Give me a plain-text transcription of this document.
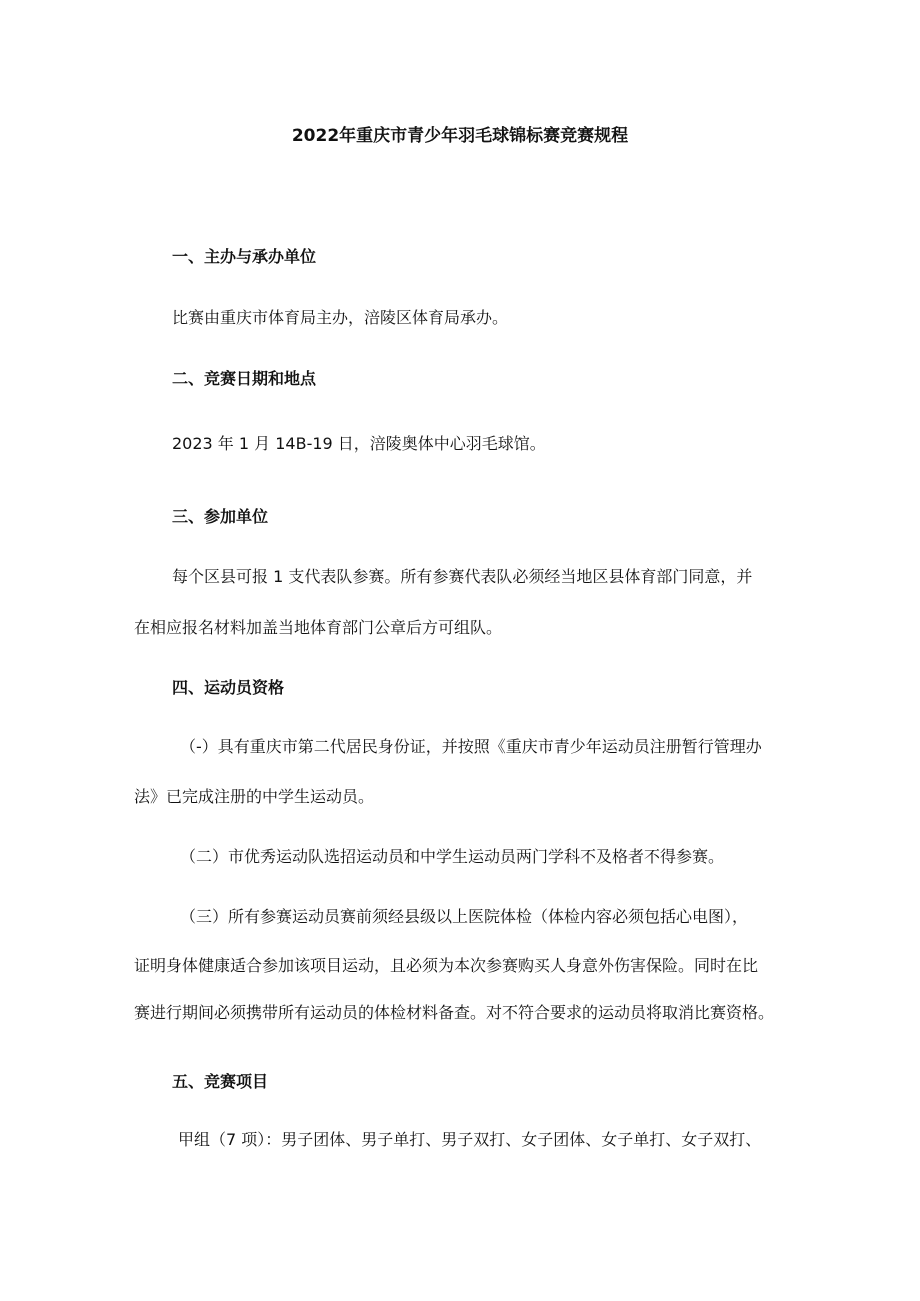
2022年重庆市青少年羽毛球锦标赛竞赛规程
一、主办与承办单位
比赛由重庆市体育局主办，涪陵区体育局承办。
二、竞赛日期和地点
2023 年 1 月 14B-19 日，涪陵奥体中心羽毛球馆。
三、参加单位
每个区县可报 1 支代表队参赛。所有参赛代表队必须经当地区县体育部门同意，并
在相应报名材料加盖当地体育部门公章后方可组队。
四、运动员资格
（-）具有重庆市第二代居民身份证，并按照《重庆市青少年运动员注册暂行管理办
法》已完成注册的中学生运动员。
（二）市优秀运动队选招运动员和中学生运动员两门学科不及格者不得参赛。
（三）所有参赛运动员赛前须经县级以上医院体检（体检内容必须包括心电图），
证明身体健康适合参加该项目运动，且必须为本次参赛购买人身意外伤害保险。同时在比
赛进行期间必须携带所有运动员的体检材料备查。对不符合要求的运动员将取消比赛资格。
五、竞赛项目
甲组（7 项）：男子团体、男子单打、男子双打、女子团体、女子单打、女子双打、
